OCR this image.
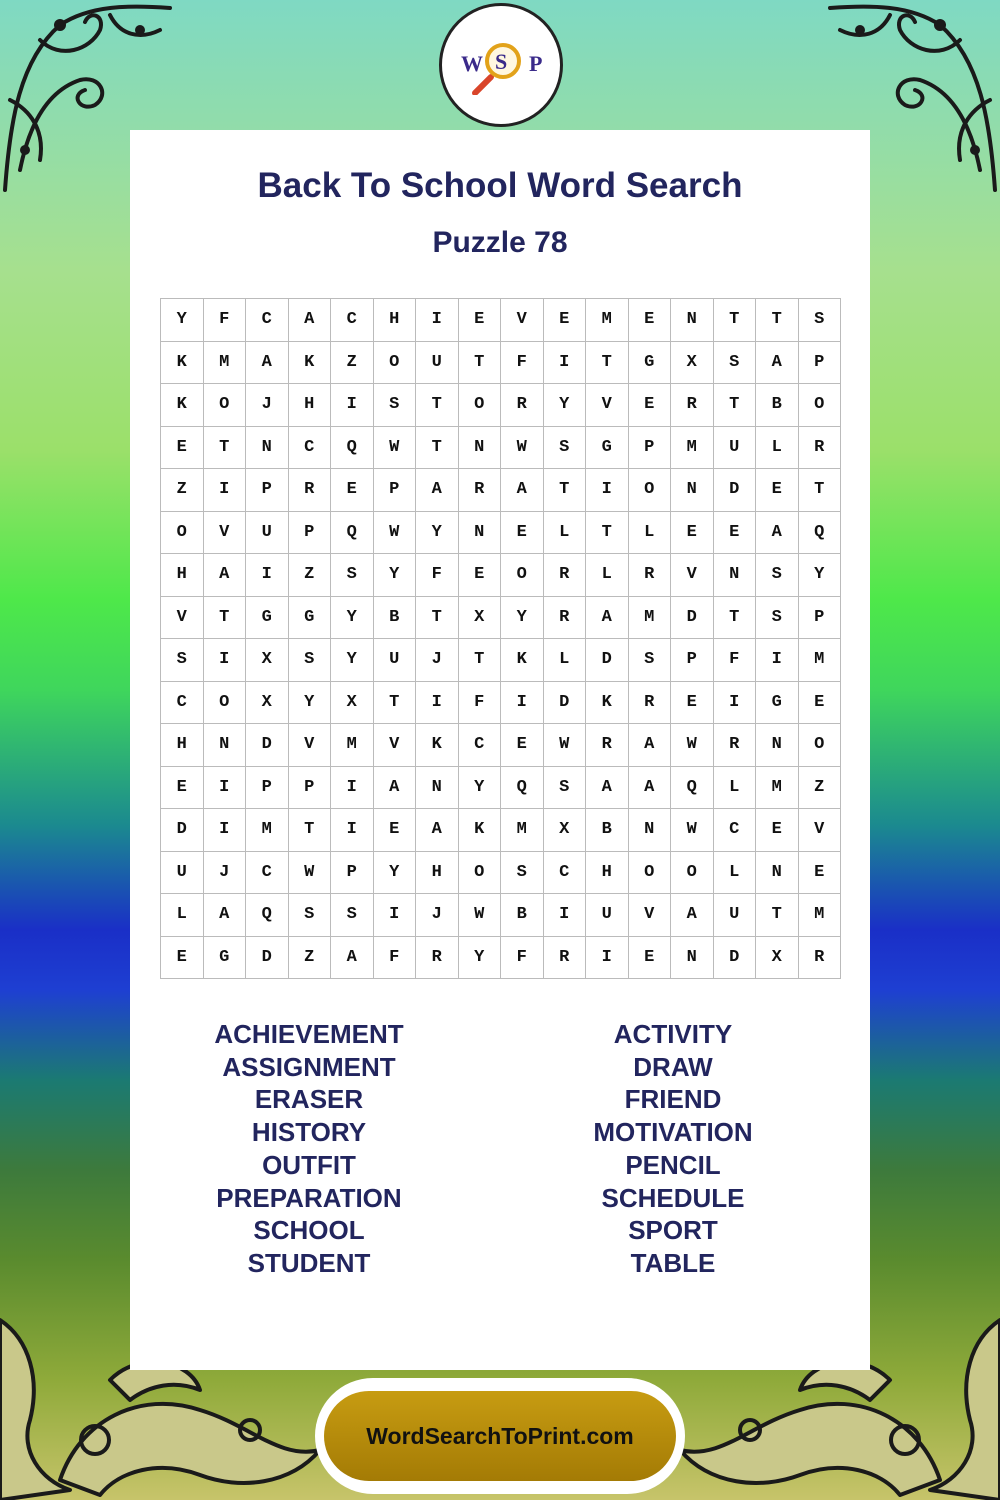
W S P
Back To School Word Search
Puzzle 78
Y	F	C	A	C	H	I	E	V	E	M	E	N	T	T	S
K	M	A	K	Z	O	U	T	F	I	T	G	X	S	A	P
K	O	J	H	I	S	T	O	R	Y	V	E	R	T	B	O
E	T	N	C	Q	W	T	N	W	S	G	P	M	U	L	R
Z	I	P	R	E	P	A	R	A	T	I	O	N	D	E	T
O	V	U	P	Q	W	Y	N	E	L	T	L	E	E	A	Q
H	A	I	Z	S	Y	F	E	O	R	L	R	V	N	S	Y
V	T	G	G	Y	B	T	X	Y	R	A	M	D	T	S	P
S	I	X	S	Y	U	J	T	K	L	D	S	P	F	I	M
C	O	X	Y	X	T	I	F	I	D	K	R	E	I	G	E
H	N	D	V	M	V	K	C	E	W	R	A	W	R	N	O
E	I	P	P	I	A	N	Y	Q	S	A	A	Q	L	M	Z
D	I	M	T	I	E	A	K	M	X	B	N	W	C	E	V
U	J	C	W	P	Y	H	O	S	C	H	O	O	L	N	E
L	A	Q	S	S	I	J	W	B	I	U	V	A	U	T	M
E	G	D	Z	A	F	R	Y	F	R	I	E	N	D	X	R
ACHIEVEMENT
ASSIGNMENT
ERASER
HISTORY
OUTFIT
PREPARATION
SCHOOL
STUDENT
ACTIVITY
DRAW
FRIEND
MOTIVATION
PENCIL
SCHEDULE
SPORT
TABLE
WordSearchToPrint.com
